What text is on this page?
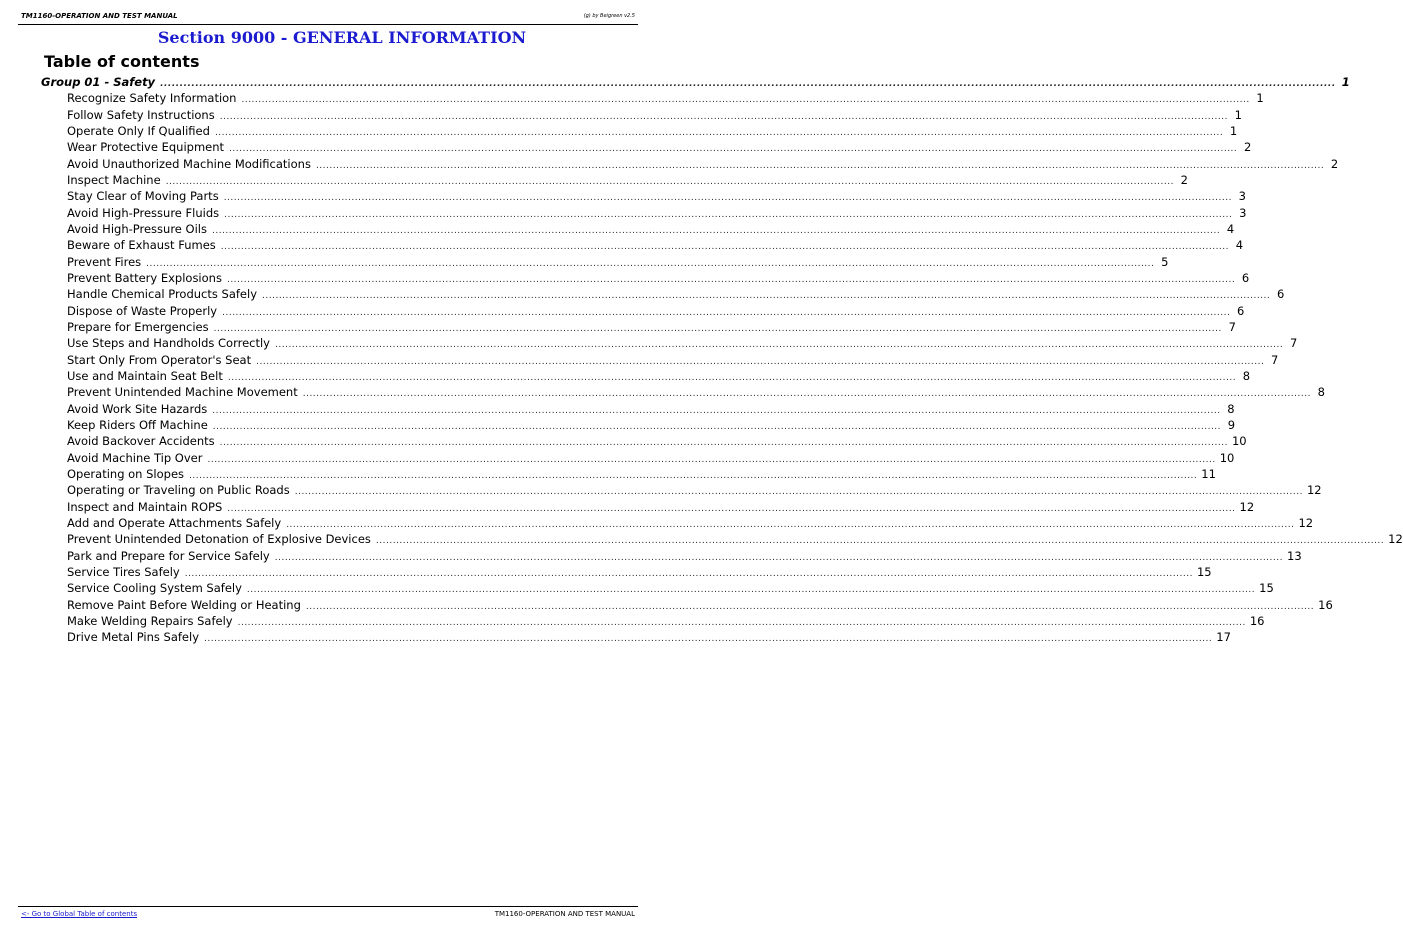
TM1160-OPERATION AND TEST MANUAL	(g) by Beigreen v2.5
Section 9000 - GENERAL INFORMATION
Table of contents
Group 01 - Safety ............................................................................................................................................................................................................................................................................................................ 1
Recognize Safety Information ............................................................................................................................................................................................................................................................................................................ 1
Follow Safety Instructions ............................................................................................................................................................................................................................................................................................................ 1
Operate Only If Qualified ............................................................................................................................................................................................................................................................................................................ 1
Wear Protective Equipment ............................................................................................................................................................................................................................................................................................................ 2
Avoid Unauthorized Machine Modifications ............................................................................................................................................................................................................................................................................................................ 2
Inspect Machine ............................................................................................................................................................................................................................................................................................................ 2
Stay Clear of Moving Parts ............................................................................................................................................................................................................................................................................................................ 3
Avoid High-Pressure Fluids ............................................................................................................................................................................................................................................................................................................ 3
Avoid High-Pressure Oils ............................................................................................................................................................................................................................................................................................................ 4
Beware of Exhaust Fumes ............................................................................................................................................................................................................................................................................................................ 4
Prevent Fires ............................................................................................................................................................................................................................................................................................................ 5
Prevent Battery Explosions ............................................................................................................................................................................................................................................................................................................ 6
Handle Chemical Products Safely ............................................................................................................................................................................................................................................................................................................ 6
Dispose of Waste Properly ............................................................................................................................................................................................................................................................................................................ 6
Prepare for Emergencies ............................................................................................................................................................................................................................................................................................................ 7
Use Steps and Handholds Correctly ............................................................................................................................................................................................................................................................................................................ 7
Start Only From Operator's Seat ............................................................................................................................................................................................................................................................................................................ 7
Use and Maintain Seat Belt ............................................................................................................................................................................................................................................................................................................ 8
Prevent Unintended Machine Movement ............................................................................................................................................................................................................................................................................................................ 8
Avoid Work Site Hazards ............................................................................................................................................................................................................................................................................................................ 8
Keep Riders Off Machine ............................................................................................................................................................................................................................................................................................................ 9
Avoid Backover Accidents ............................................................................................................................................................................................................................................................................................................ 10
Avoid Machine Tip Over ............................................................................................................................................................................................................................................................................................................ 10
Operating on Slopes ............................................................................................................................................................................................................................................................................................................ 11
Operating or Traveling on Public Roads ............................................................................................................................................................................................................................................................................................................ 12
Inspect and Maintain ROPS ............................................................................................................................................................................................................................................................................................................ 12
Add and Operate Attachments Safely ............................................................................................................................................................................................................................................................................................................ 12
Prevent Unintended Detonation of Explosive Devices ............................................................................................................................................................................................................................................................................................................ 12
Park and Prepare for Service Safely ............................................................................................................................................................................................................................................................................................................ 13
Service Tires Safely ............................................................................................................................................................................................................................................................................................................ 15
Service Cooling System Safely ............................................................................................................................................................................................................................................................................................................ 15
Remove Paint Before Welding or Heating ............................................................................................................................................................................................................................................................................................................ 16
Make Welding Repairs Safely ............................................................................................................................................................................................................................................................................................................ 16
Drive Metal Pins Safely ............................................................................................................................................................................................................................................................................................................ 17
<- Go to Global Table of contents	TM1160-OPERATION AND TEST MANUAL
